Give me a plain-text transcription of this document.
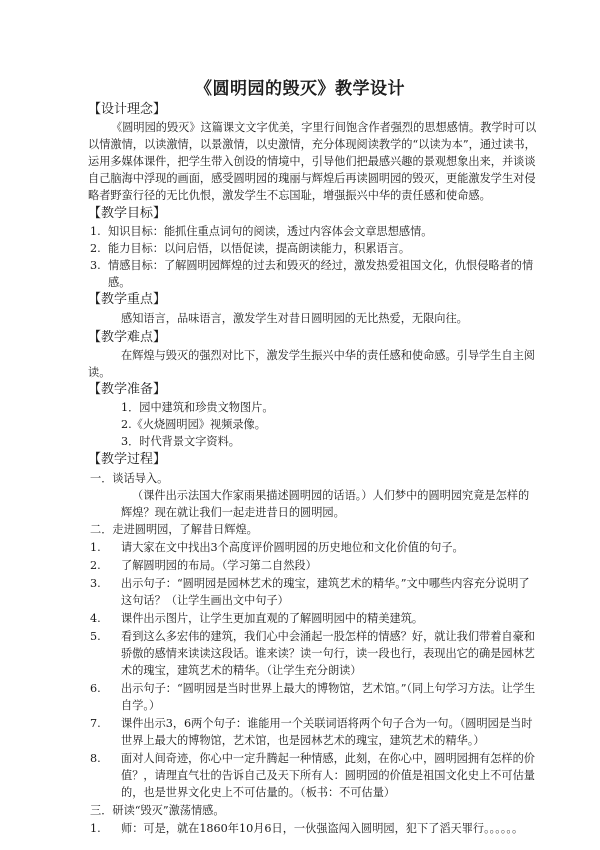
《圆明园的毁灭》教学设计
【设计理念】
《圆明园的毁灭》这篇课文文字优美，字里行间饱含作者强烈的思想感情。教学时可以
以情激情，以读激情，以景激情，以史激情，充分体现阅读教学的“以读为本”，通过读书，
运用多媒体课件，把学生带入创设的情境中，引导他们把最感兴趣的景观想象出来，并谈谈
自己脑海中浮现的画面，感受圆明园的瑰丽与辉煌后再读圆明园的毁灭，更能激发学生对侵
略者野蛮行径的无比仇恨，激发学生不忘国耻，增强振兴中华的责任感和使命感。
【教学目标】
1. 知识目标：能抓住重点词句的阅读，透过内容体会文章思想感情。
2. 能力目标：以问启悟，以悟促读，提高朗读能力，积累语言。
3. 情感目标：了解圆明园辉煌的过去和毁灭的经过，激发热爱祖国文化，仇恨侵略者的情
感。
【教学重点】
感知语言，品味语言，激发学生对昔日圆明园的无比热爱，无限向往。
【教学难点】
在辉煌与毁灭的强烈对比下，激发学生振兴中华的责任感和使命感。引导学生自主阅
读。
【教学准备】
1．园中建筑和珍贵文物图片。
2.《火烧圆明园》视频录像。
3．时代背景文字资料。
【教学过程】
一．谈话导入。
（课件出示法国大作家雨果描述圆明园的话语。）人们梦中的圆明园究竟是怎样的
辉煌？现在就让我们一起走进昔日的圆明园。
二．走进圆明园，了解昔日辉煌。
1. 请大家在文中找出3个高度评价圆明园的历史地位和文化价值的句子。
2. 了解圆明园的布局。（学习第二自然段）
3. 出示句子：“圆明园是园林艺术的瑰宝，建筑艺术的精华。”文中哪些内容充分说明了
这句话？（让学生画出文中句子）
4. 课件出示图片，让学生更加直观的了解圆明园中的精美建筑。
5. 看到这么多宏伟的建筑，我们心中会涌起一股怎样的情感？好，就让我们带着自豪和
骄傲的感情来读读这段话。谁来读？读一句行，读一段也行，表现出它的确是园林艺
术的瑰宝，建筑艺术的精华。（让学生充分朗读）
6. 出示句子：“圆明园是当时世界上最大的博物馆，艺术馆。”（同上句学习方法。让学生
自学。）
7. 课件出示3，6两个句子：谁能用一个关联词语将两个句子合为一句。（圆明园是当时
世界上最大的博物馆，艺术馆，也是园林艺术的瑰宝，建筑艺术的精华。）
8. 面对人间奇迹，你心中一定升腾起一种情感，此刻，在你心中，圆明园拥有怎样的价
值？，请理直气壮的告诉自己及天下所有人：圆明园的价值是祖国文化史上不可估量
的，也是世界文化史上不可估量的。（板书：不可估量）
三．研读“毁灭”激荡情感。
1. 师：可是，就在1860年10月6日，一伙强盗闯入圆明园，犯下了滔天罪行。。。。。。
